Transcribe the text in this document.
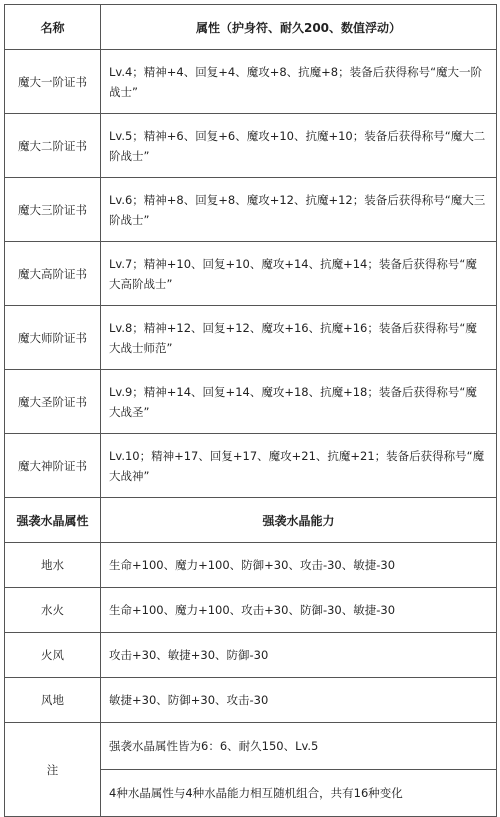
名称	属性（护身符、耐久200、数值浮动）
魔大一阶证书	Lv.4；精神+4、回复+4、魔攻+8、抗魔+8；装备后获得称号“魔大一阶战士”
魔大二阶证书	Lv.5；精神+6、回复+6、魔攻+10、抗魔+10；装备后获得称号“魔大二阶战士”
魔大三阶证书	Lv.6；精神+8、回复+8、魔攻+12、抗魔+12；装备后获得称号“魔大三阶战士”
魔大高阶证书	Lv.7；精神+10、回复+10、魔攻+14、抗魔+14；装备后获得称号“魔大高阶战士”
魔大师阶证书	Lv.8；精神+12、回复+12、魔攻+16、抗魔+16；装备后获得称号“魔大战士师范”
魔大圣阶证书	Lv.9；精神+14、回复+14、魔攻+18、抗魔+18；装备后获得称号“魔大战圣”
魔大神阶证书	Lv.10；精神+17、回复+17、魔攻+21、抗魔+21；装备后获得称号“魔大战神”
强袭水晶属性	强袭水晶能力
地水	生命+100、魔力+100、防御+30、攻击-30、敏捷-30
水火	生命+100、魔力+100、攻击+30、防御-30、敏捷-30
火风	攻击+30、敏捷+30、防御-30
风地	敏捷+30、防御+30、攻击-30
注	强袭水晶属性皆为6：6、耐久150、Lv.5
	4种水晶属性与4种水晶能力相互随机组合，共有16种变化
